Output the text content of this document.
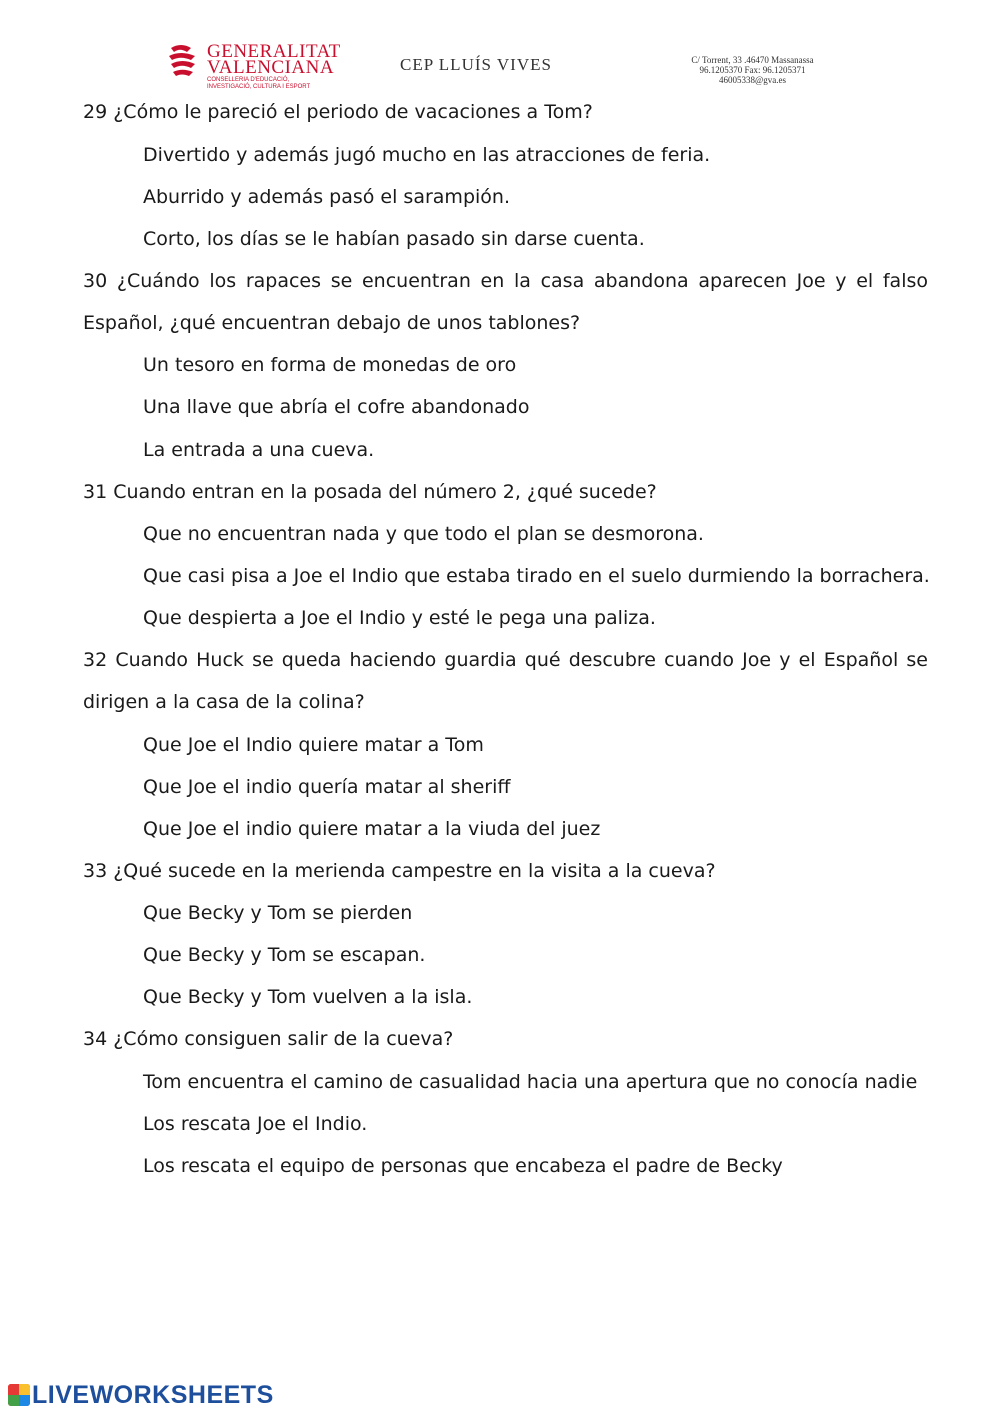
GENERALITAT
VALENCIANA
CONSELLERIA D'EDUCACIÓ,
INVESTIGACIÓ, CULTURA I ESPORT
CEP LLUÍS VIVES	C/ Torrent, 33 .46470 Massanassa
96.1205370 Fax: 96.1205371
46005338@gva.es
29 ¿Cómo le pareció el periodo de vacaciones a Tom?
Divertido y además jugó mucho en las atracciones de feria.
Aburrido y además pasó el sarampión.
Corto, los días se le habían pasado sin darse cuenta.
30 ¿Cuándo los rapaces se encuentran en la casa abandona aparecen Joe y el falso
Español, ¿qué encuentran debajo de unos tablones?
Un tesoro en forma de monedas de oro
Una llave que abría el cofre abandonado
La entrada a una cueva.
31 Cuando entran en la posada del número 2, ¿qué sucede?
Que no encuentran nada y que todo el plan se desmorona.
Que casi pisa a Joe el Indio que estaba tirado en el suelo durmiendo la borrachera.
Que despierta a Joe el Indio y esté le pega una paliza.
32 Cuando Huck se queda haciendo guardia qué descubre cuando Joe y el Español se
dirigen a la casa de la colina?
Que Joe el Indio quiere matar a Tom
Que Joe el indio quería matar al sheriff
Que Joe el indio quiere matar a la viuda del juez
33 ¿Qué sucede en la merienda campestre en la visita a la cueva?
Que Becky y Tom se pierden
Que Becky y Tom se escapan.
Que Becky y Tom vuelven a la isla.
34 ¿Cómo consiguen salir de la cueva?
Tom encuentra el camino de casualidad hacia una apertura que no conocía nadie
Los rescata Joe el Indio.
Los rescata el equipo de personas que encabeza el padre de Becky
LIVEWORKSHEETS
